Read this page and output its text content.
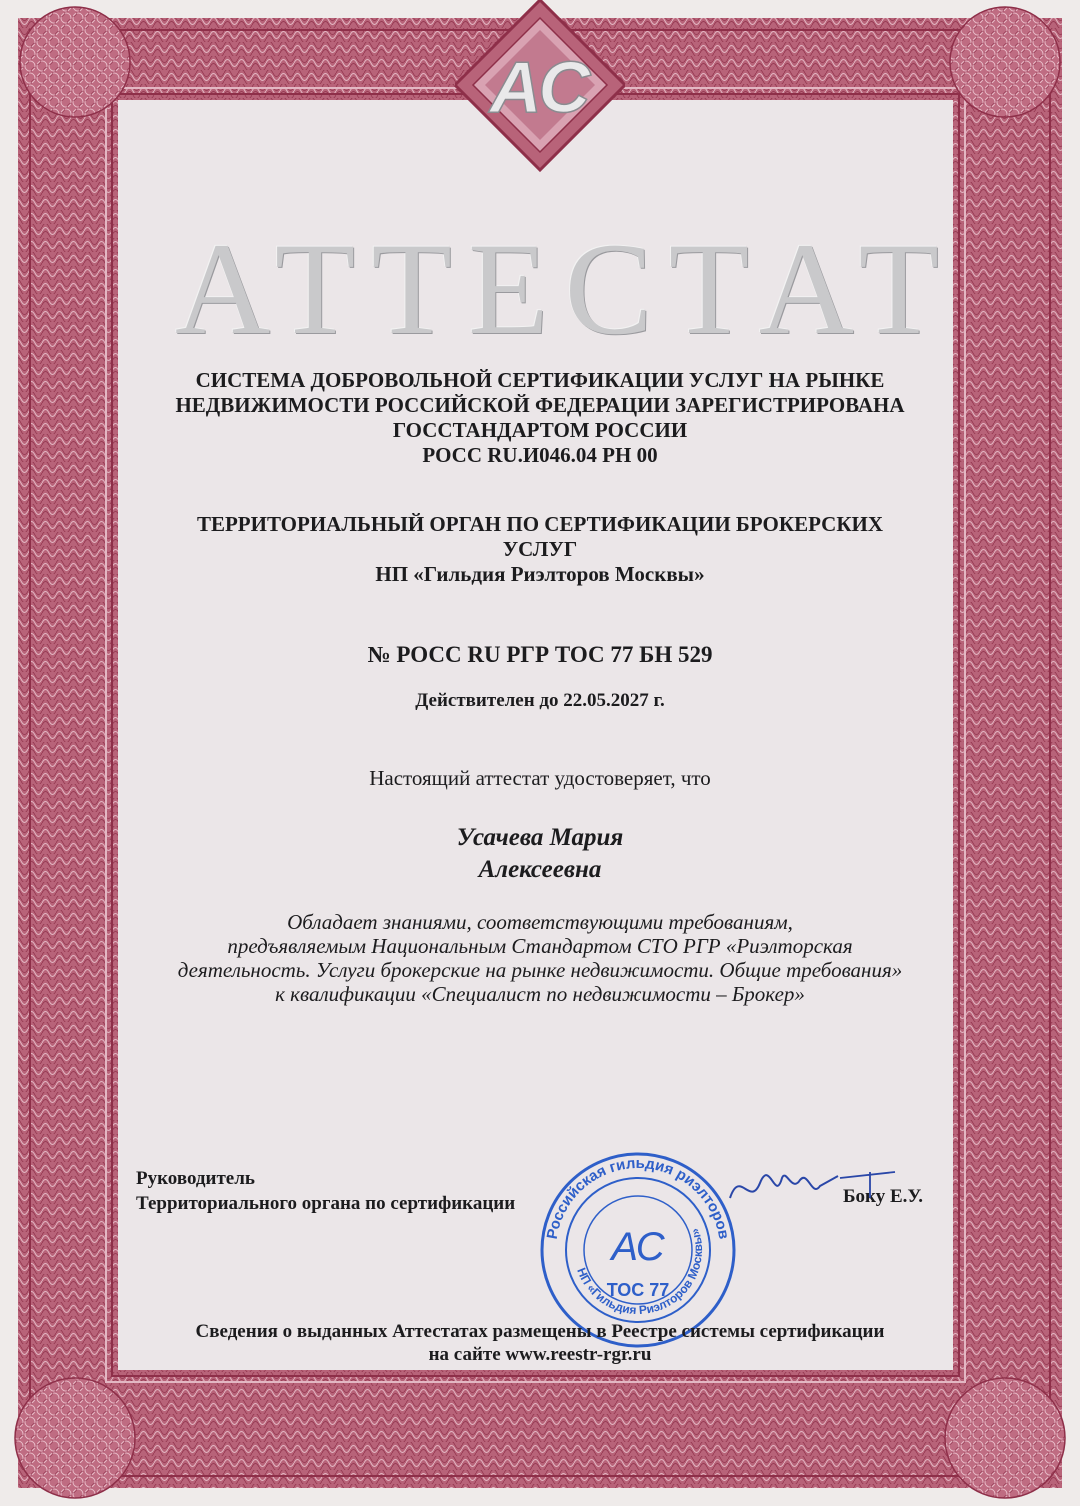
АС
АТТЕСТАТ
СИСТЕМА ДОБРОВОЛЬНОЙ СЕРТИФИКАЦИИ УСЛУГ НА РЫНКЕ
НЕДВИЖИМОСТИ РОССИЙСКОЙ ФЕДЕРАЦИИ ЗАРЕГИСТРИРОВАНА
ГОССТАНДАРТОМ РОССИИ
РОСС RU.И046.04 РН 00
ТЕРРИТОРИАЛЬНЫЙ ОРГАН ПО СЕРТИФИКАЦИИ БРОКЕРСКИХ
УСЛУГ
НП «Гильдия Риэлторов Москвы»
№ РОСС RU РГР ТОС 77 БН 529
Действителен до 22.05.2027 г.
Настоящий аттестат удостоверяет, что
Усачева Мария
Алексеевна
Обладает знаниями, соответствующими требованиям,
предъявляемым Национальным Стандартом СТО РГР «Риэлторская
деятельность. Услуги брокерские на рынке недвижимости. Общие требования»
к квалификации «Специалист по недвижимости – Брокер»
Руководитель
Территориального органа по сертификации	Боку Е.У.
Российская гильдия риэлторов
НП «Гильдия Риэлторов Москвы»
АС
ТОС 77
Сведения о выданных Аттестатах размещены в Реестре системы сертификации
на сайте www.reestr-rgr.ru
